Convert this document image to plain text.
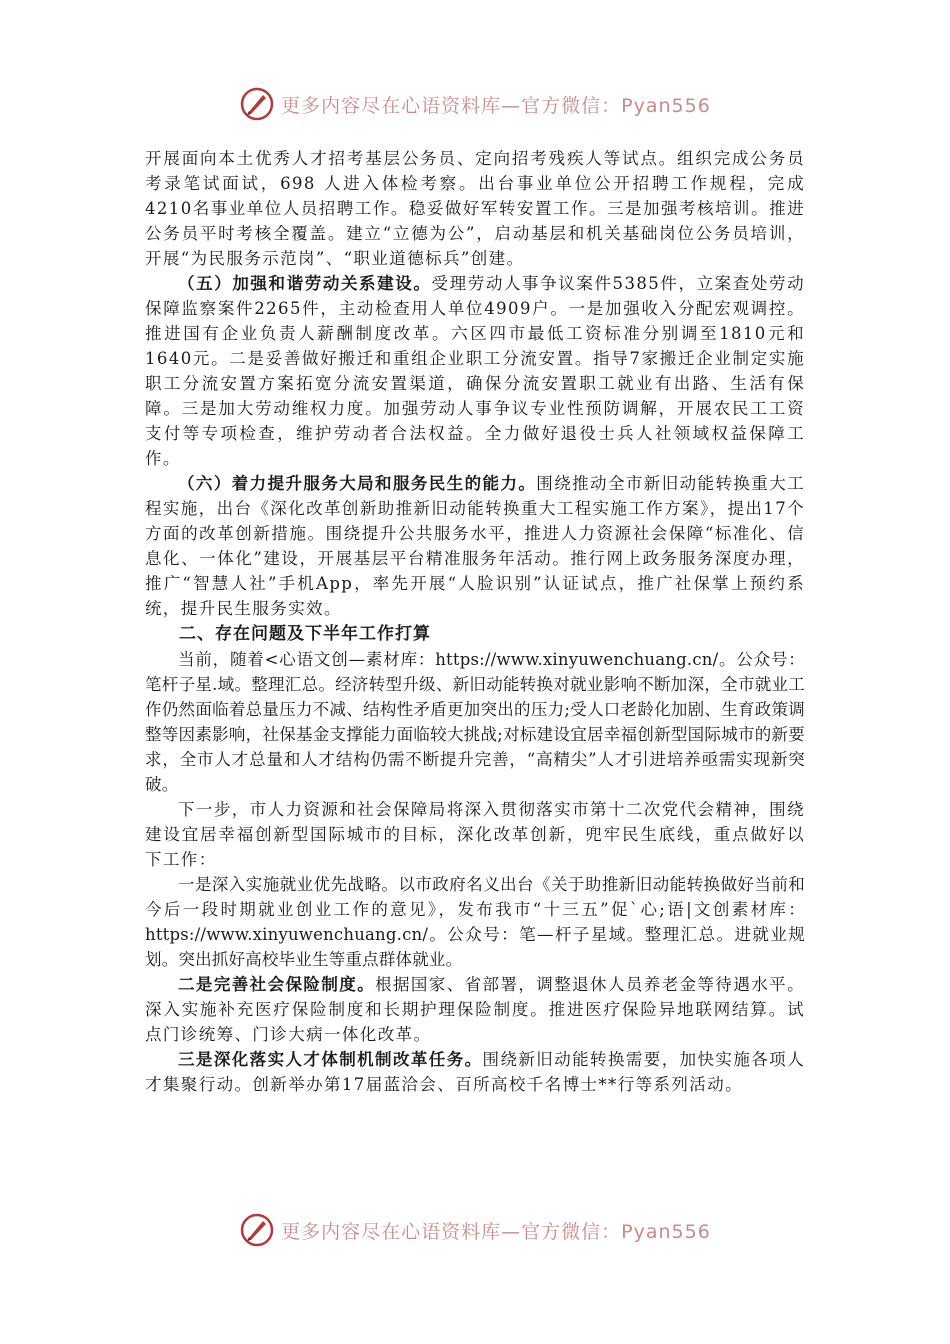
更多内容尽在心语资料库—官方微信：Pyan556

开展面向本土优秀人才招考基层公务员、定向招考残疾人等试点。组织完成公务员考录笔试面试，698 人进入体检考察。出台事业单位公开招聘工作规程，完成4210名事业单位人员招聘工作。稳妥做好军转安置工作。三是加强考核培训。推进公务员平时考核全覆盖。建立“立德为公”，启动基层和机关基础岗位公务员培训，开展“为民服务示范岗”、“职业道德标兵”创建。

（五）加强和谐劳动关系建设。受理劳动人事争议案件5385件，立案查处劳动保障监察案件2265件，主动检查用人单位4909户。一是加强收入分配宏观调控。推进国有企业负责人薪酬制度改革。六区四市最低工资标准分别调至1810元和1640元。二是妥善做好搬迁和重组企业职工分流安置。指导7家搬迁企业制定实施职工分流安置方案拓宽分流安置渠道，确保分流安置职工就业有出路、生活有保障。三是加大劳动维权力度。加强劳动人事争议专业性预防调解，开展农民工工资支付等专项检查，维护劳动者合法权益。全力做好退役士兵人社领域权益保障工作。

（六）着力提升服务大局和服务民生的能力。围绕推动全市新旧动能转换重大工程实施，出台《深化改革创新助推新旧动能转换重大工程实施工作方案》，提出17个方面的改革创新措施。围绕提升公共服务水平，推进人力资源社会保障“标准化、信息化、一体化”建设，开展基层平台精准服务年活动。推行网上政务服务深度办理，推广“智慧人社”手机App，率先开展“人脸识别”认证试点，推广社保掌上预约系统，提升民生服务实效。

二、存在问题及下半年工作打算

当前，随着<心语文创—素材库：https://www.xinyuwenchuang.cn/。公众号：笔杆子星.域。整理汇总。经济转型升级、新旧动能转换对就业影响不断加深，全市就业工作仍然面临着总量压力不减、结构性矛盾更加突出的压力;受人口老龄化加剧、生育政策调整等因素影响，社保基金支撑能力面临较大挑战;对标建设宜居幸福创新型国际城市的新要求，全市人才总量和人才结构仍需不断提升完善，“高精尖”人才引进培养亟需实现新突破。

下一步，市人力资源和社会保障局将深入贯彻落实市第十二次党代会精神，围绕建设宜居幸福创新型国际城市的目标，深化改革创新，兜牢民生底线，重点做好以下工作：

一是深入实施就业优先战略。以市政府名义出台《关于助推新旧动能转换做好当前和今后一段时期就业创业工作的意见》，发布我市“十三五”促`心;语|文创素材库：https://www.xinyuwenchuang.cn/。公众号：笔—杆子星域。整理汇总。进就业规划。突出抓好高校毕业生等重点群体就业。

二是完善社会保险制度。根据国家、省部署，调整退休人员养老金等待遇水平。深入实施补充医疗保险制度和长期护理保险制度。推进医疗保险异地联网结算。试点门诊统筹、门诊大病一体化改革。

三是深化落实人才体制机制改革任务。围绕新旧动能转换需要，加快实施各项人才集聚行动。创新举办第17届蓝洽会、百所高校千名博士**行等系列活动。

更多内容尽在心语资料库—官方微信：Pyan556
